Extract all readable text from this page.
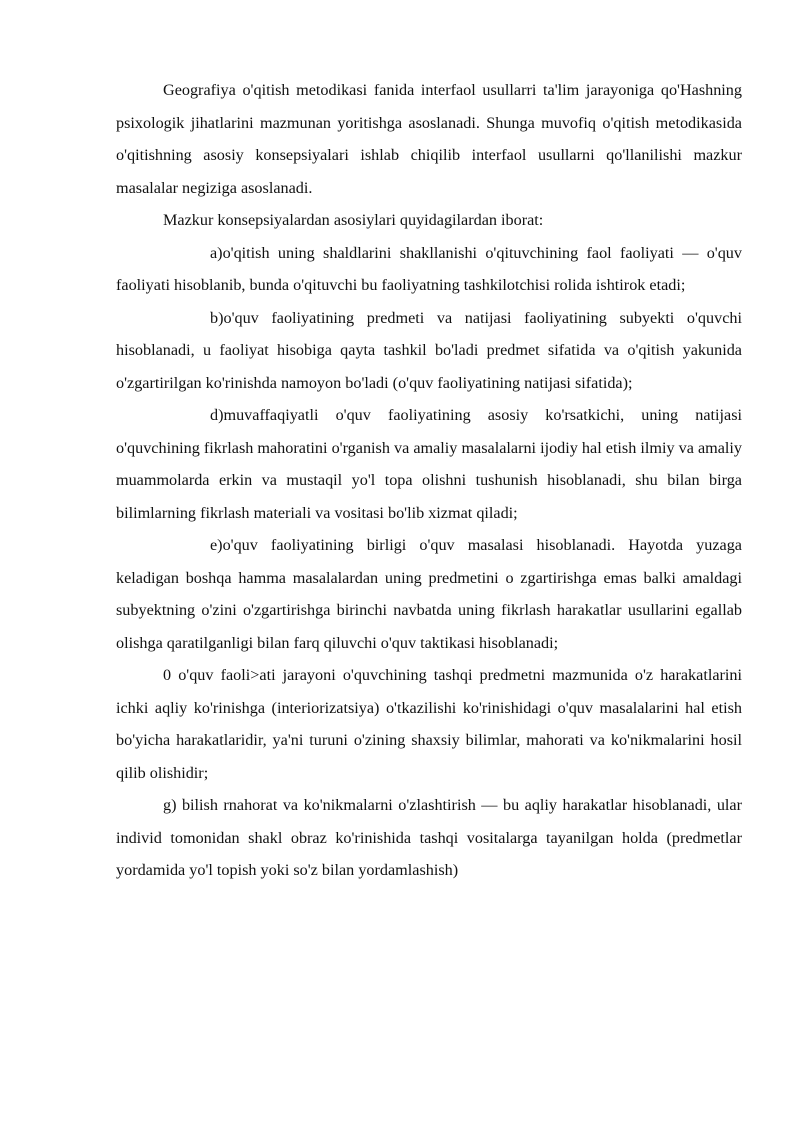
Geografiya o'qitish metodikasi fanida interfaol usullarri ta'lim jarayoniga qo'Hashning psixologik jihatlarini mazmunan yoritishga asoslanadi. Shunga muvofiq o'qitish metodikasida o'qitishning asosiy konsepsiyalari ishlab chiqilib interfaol usullarni qo'llanilishi mazkur masalalar negiziga asoslanadi.

Mazkur konsepsiyalardan asosiylari quyidagilardan iborat:

a)o'qitish uning shaldlarini shakllanishi o'qituvchining faol faoliyati — o'quv faoliyati hisoblanib, bunda o'qituvchi bu faoliyatning tashkilotchisi rolida ishtirok etadi;

b)o'quv faoliyatining predmeti va natijasi faoliyatining subyekti o'quvchi hisoblanadi, u faoliyat hisobiga qayta tashkil bo'ladi predmet sifatida va o'qitish yakunida o'zgartirilgan ko'rinishda namoyon bo'ladi (o'quv faoliyatining natijasi sifatida);

d)muvaffaqiyatli o'quv faoliyatining asosiy ko'rsatkichi, uning natijasi o'quvchining fikrlash mahoratini o'rganish va amaliy masalalarni ijodiy hal etish ilmiy va amaliy muammolarda erkin va mustaqil yo'l topa olishni tushunish hisoblanadi, shu bilan birga bilimlarning fikrlash materiali va vositasi bo'lib xizmat qiladi;

e)o'quv faoliyatining birligi o'quv masalasi hisoblanadi. Hayotda yuzaga keladigan boshqa hamma masalalardan uning predmetini o zgartirishga emas balki amaldagi subyektning o'zini o'zgartirishga birinchi navbatda uning fikrlash harakatlar usullarini egallab olishga qaratilganligi bilan farq qiluvchi o'quv taktikasi hisoblanadi;

0 o'quv faoli>ati jarayoni o'quvchining tashqi predmetni mazmunida o'z harakatlarini ichki aqliy ko'rinishga (interiorizatsiya) o'tkazilishi ko'rinishidagi o'quv masalalarini hal etish bo'yicha harakatlaridir, ya'ni turuni o'zining shaxsiy bilimlar, mahorati va ko'nikmalarini hosil qilib olishidir;

g) bilish rnahorat va ko'nikmalarni o'zlashtirish — bu aqliy harakatlar hisoblanadi, ular individ tomonidan shakl obraz ko'rinishida tashqi vositalarga tayanilgan holda (predmetlar yordamida yo'l topish yoki so'z bilan yordamlashish)
